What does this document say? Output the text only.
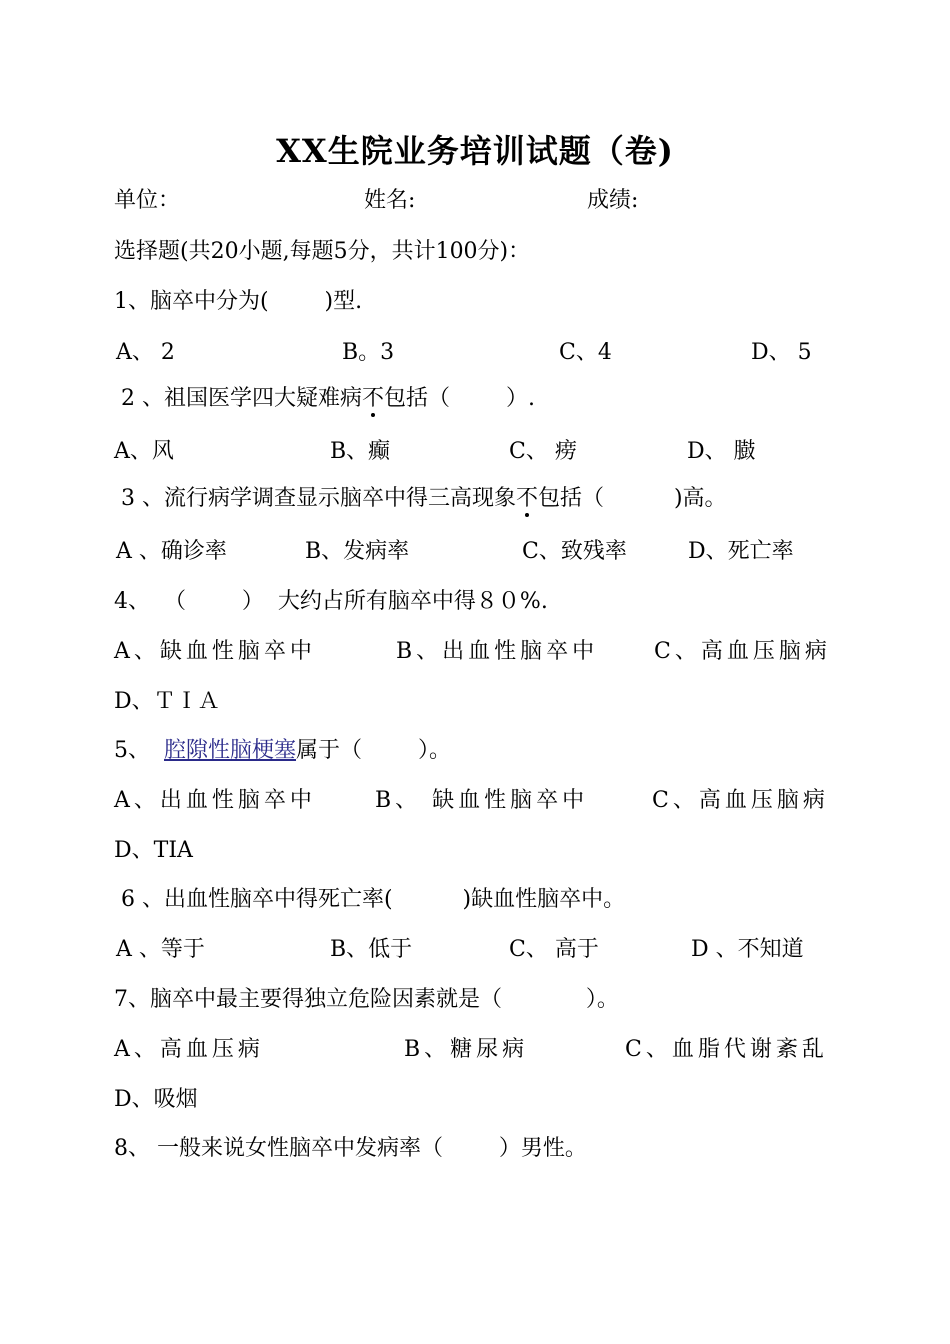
XX生院业务培训试题（卷)
单位：	姓名:	成绩:
选择题(共20小题,每题5分，共计100分)：
1、脑卒中分为(        )型.
A、 2	B。3	C、4	D、 5
2 、祖国医学四大疑难病不包括（        ）.
A、风	B、癫	C、 痨	D、 臌
3 、流行病学调查显示脑卒中得三高现象不包括（          )高。
A 、确诊率	B、发病率	C、致残率	D、死亡率
4、  （        ）  大约占所有脑卒中得８０%.
A、缺血性脑卒中	B、出血性脑卒中	C、高血压脑病
D、ＴＩＡ
5、  腔隙性脑梗塞属于（        ）。
A、出血性脑卒中	B、 缺血性脑卒中	C、高血压脑病
D、TIA
6 、出血性脑卒中得死亡率(          )缺血性脑卒中。
A 、等于	B、低于	C、 高于	D 、不知道
7、脑卒中最主要得独立危险因素就是（            ）。
A、高血压病	B、糖尿病	C、血脂代谢紊乱
D、吸烟
8、 一般来说女性脑卒中发病率（        ）男性。
